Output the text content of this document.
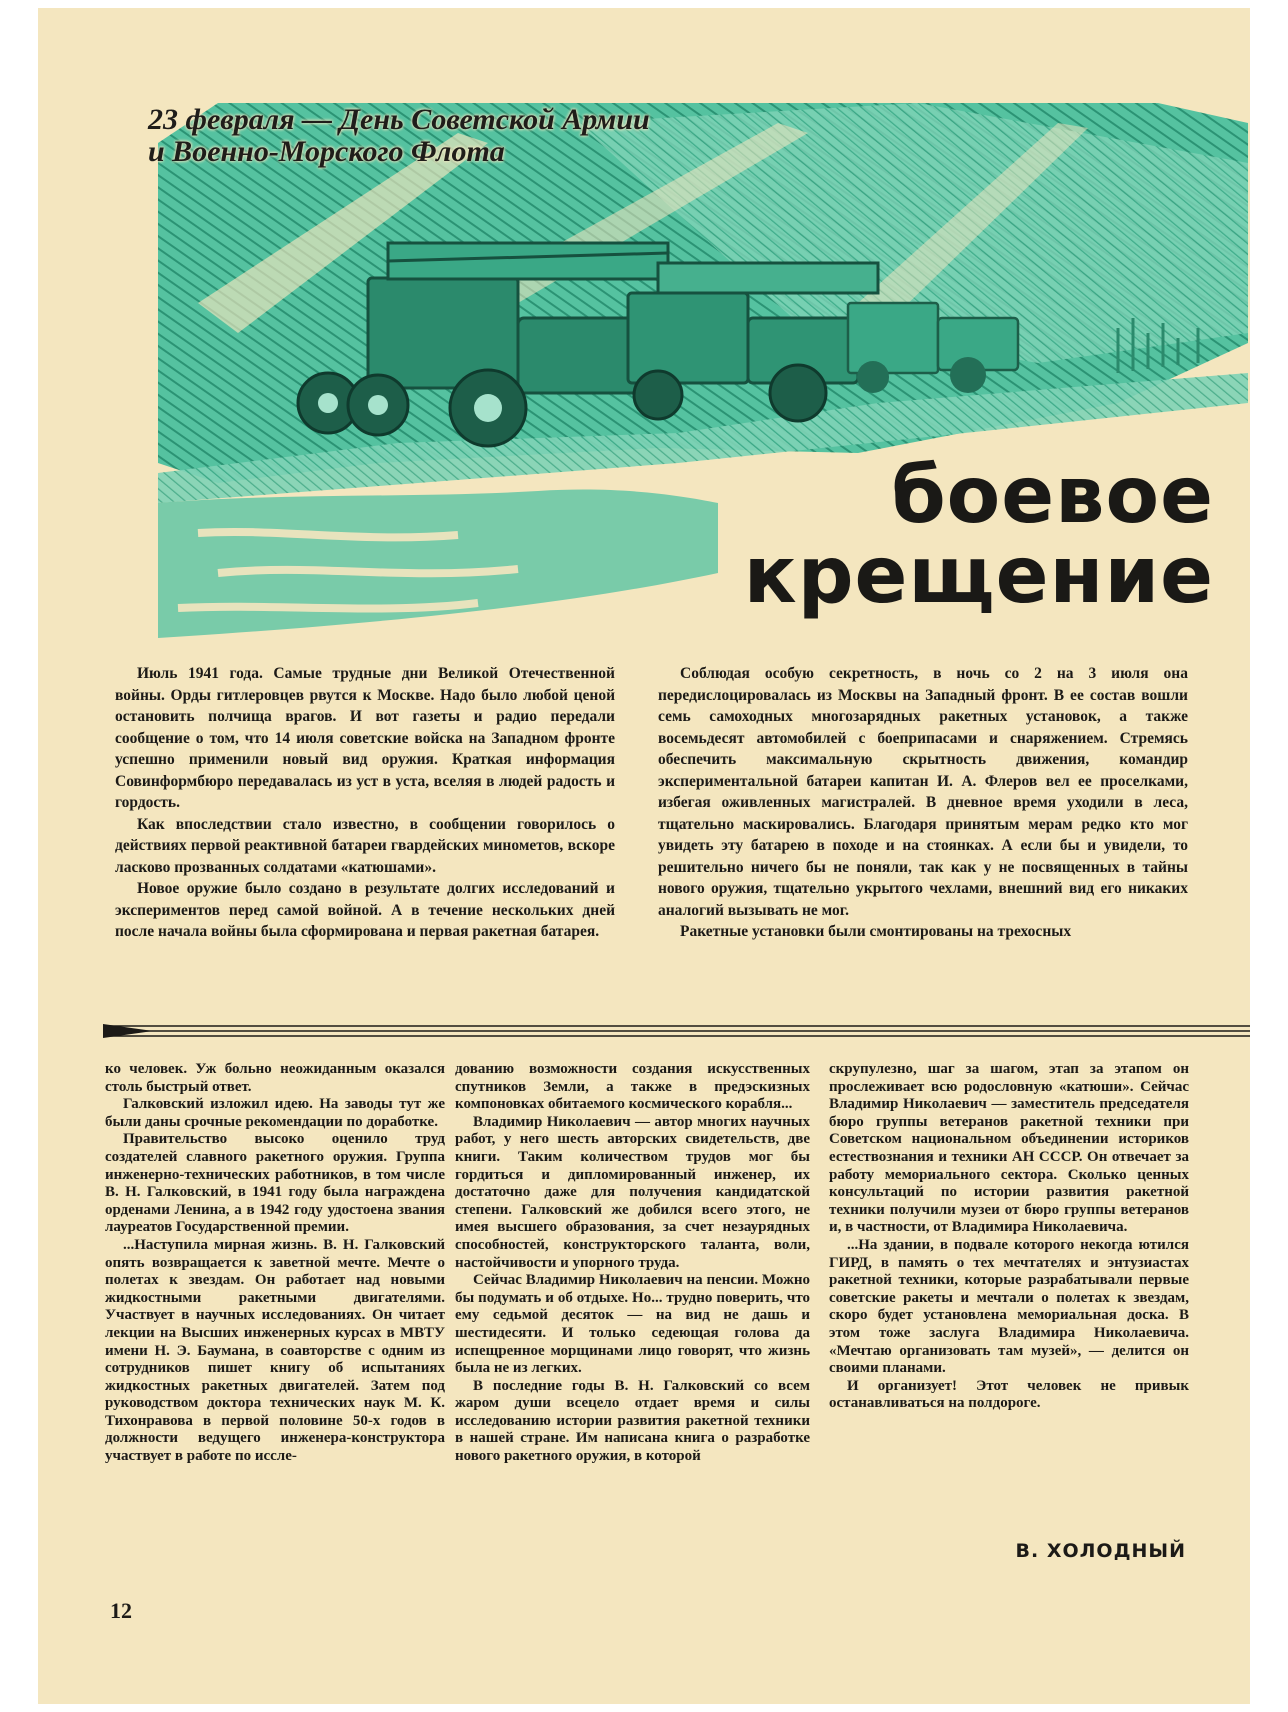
23 февраля — День Советской Армии
и Военно-Морского Флота
боевое
крещение

Июль 1941 года. Самые трудные дни Великой Отечественной войны. Орды гитлеровцев рвутся к Москве. Надо было любой ценой остановить полчища врагов. И вот газеты и радио передали сообщение о том, что 14 июля советские войска на Западном фронте успешно применили новый вид оружия. Краткая информация Совинформбюро передавалась из уст в уста, вселяя в людей радость и гордость.

Как впоследствии стало известно, в сообщении говорилось о действиях первой реактивной батареи гвардейских минометов, вскоре ласково прозванных солдатами «катюшами».

Новое оружие было создано в результате долгих исследований и экспериментов перед самой войной. А в течение нескольких дней после начала войны была сформирована и первая ракетная батарея.

Соблюдая особую секретность, в ночь со 2 на 3 июля она передислоцировалась из Москвы на Западный фронт. В ее состав вошли семь самоходных многозарядных ракетных установок, а также восемьдесят автомобилей с боеприпасами и снаряжением. Стремясь обеспечить максимальную скрытность движения, командир экспериментальной батареи капитан И. А. Флеров вел ее проселками, избегая оживленных магистралей. В дневное время уходили в леса, тщательно маскировались. Благодаря принятым мерам редко кто мог увидеть эту батарею в походе и на стоянках. А если бы и увидели, то решительно ничего бы не поняли, так как у не посвященных в тайны нового оружия, тщательно укрытого чехлами, внешний вид его никаких аналогий вызывать не мог.

Ракетные установки были смонтированы на трехосных

ко человек. Уж больно неожиданным оказался столь быстрый ответ.

Галковский изложил идею. На заводы тут же были даны срочные рекомендации по доработке.

Правительство высоко оценило труд создателей славного ракетного оружия. Группа инженерно-технических работников, в том числе В. Н. Галковский, в 1941 году была награждена орденами Ленина, а в 1942 году удостоена звания лауреатов Государственной премии.

...Наступила мирная жизнь. В. Н. Галковский опять возвращается к заветной мечте. Мечте о полетах к звездам. Он работает над новыми жидкостными ракетными двигателями. Участвует в научных исследованиях. Он читает лекции на Высших инженерных курсах в МВТУ имени Н. Э. Баумана, в соавторстве с одним из сотрудников пишет книгу об испытаниях жидкостных ракетных двигателей. Затем под руководством доктора технических наук М. К. Тихонравова в первой половине 50-х годов в должности ведущего инженера-конструктора участвует в работе по иссле-

дованию возможности создания искусственных спутников Земли, а также в предэскизных компоновках обитаемого космического корабля...

Владимир Николаевич — автор многих научных работ, у него шесть авторских свидетельств, две книги. Таким количеством трудов мог бы гордиться и дипломированный инженер, их достаточно даже для получения кандидатской степени. Галковский же добился всего этого, не имея высшего образования, за счет незаурядных способностей, конструкторского таланта, воли, настойчивости и упорного труда.

Сейчас Владимир Николаевич на пенсии. Можно бы подумать и об отдыхе. Но... трудно поверить, что ему седьмой десяток — на вид не дашь и шестидесяти. И только седеющая голова да испещренное морщинами лицо говорят, что жизнь была не из легких.

В последние годы В. Н. Галковский со всем жаром души всецело отдает время и силы исследованию истории развития ракетной техники в нашей стране. Им написана книга о разработке нового ракетного оружия, в которой

скрупулезно, шаг за шагом, этап за этапом он прослеживает всю родословную «катюши». Сейчас Владимир Николаевич — заместитель председателя бюро группы ветеранов ракетной техники при Советском национальном объединении историков естествознания и техники АН СССР. Он отвечает за работу мемориального сектора. Сколько ценных консультаций по истории развития ракетной техники получили музеи от бюро группы ветеранов и, в частности, от Владимира Николаевича.

...На здании, в подвале которого некогда ютился ГИРД, в память о тех мечтателях и энтузиастах ракетной техники, которые разрабатывали первые советские ракеты и мечтали о полетах к звездам, скоро будет установлена мемориальная доска. В этом тоже заслуга Владимира Николаевича. «Мечтаю организовать там музей», — делится он своими планами.

И организует! Этот человек не привык останавливаться на полдороге.

В. ХОЛОДНЫЙ
12
